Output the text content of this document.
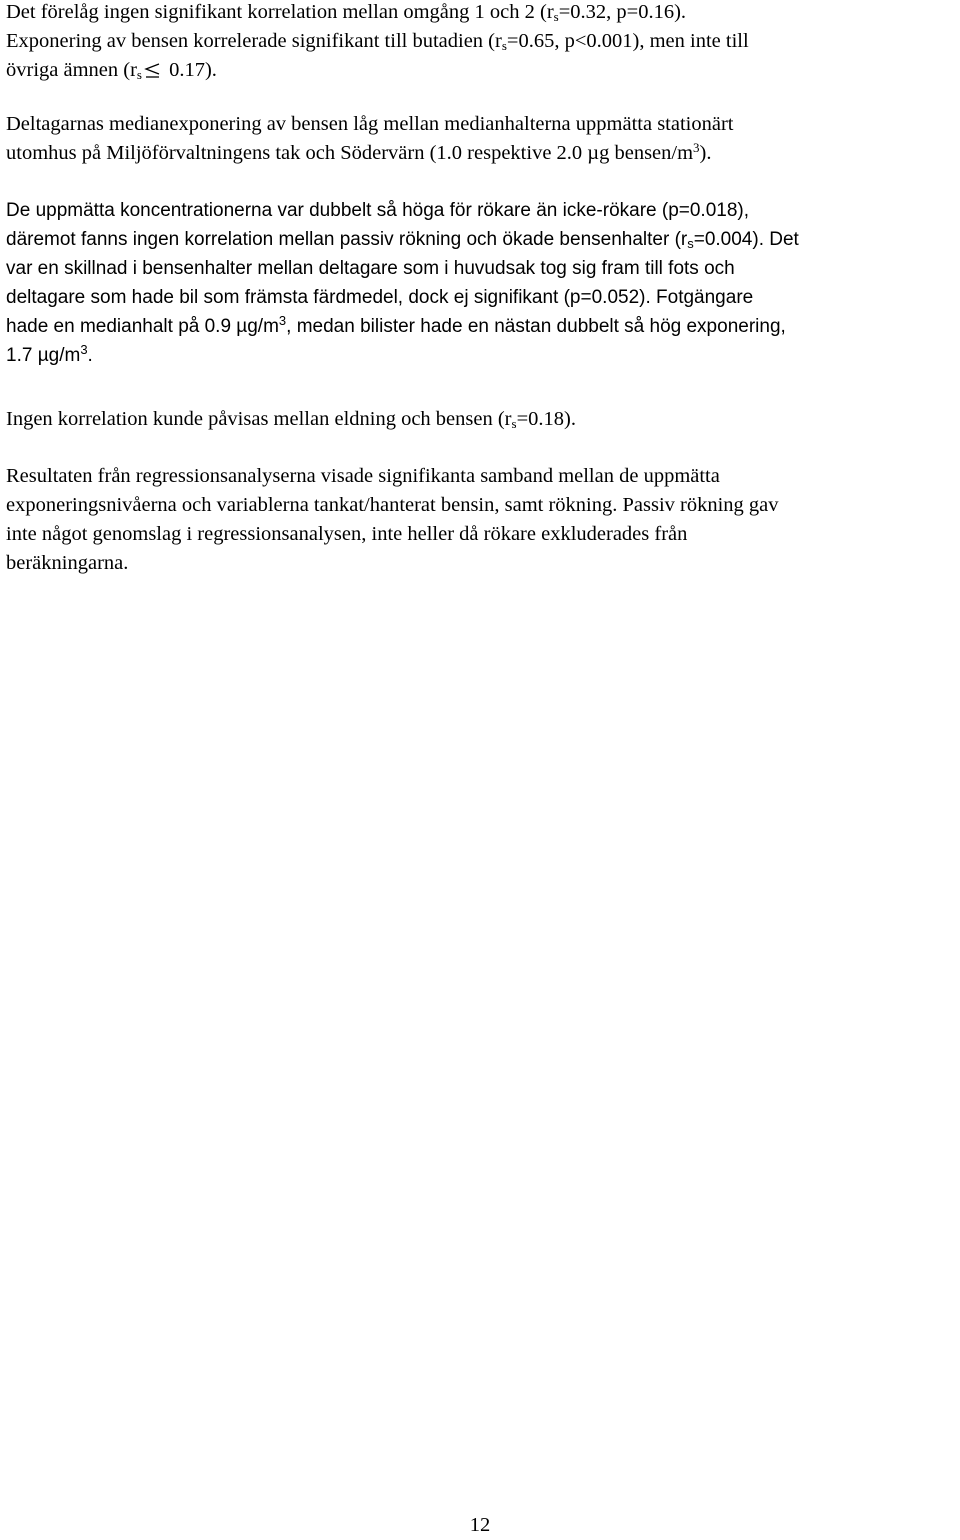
Det förelåg ingen signifikant korrelation mellan omgång 1 och 2 ($r_s=0.32$, p=0.16).
Exponering av bensen korrelerade signifikant till butadien ($r_s=0.65$, p<0.001), men inte till
övriga ämnen ($r_s$
0.17).

Deltagarnas medianexponering av bensen låg mellan medianhalterna uppmätta stationärt
utomhus på Miljöförvaltningens tak och Södervärn (1.0 respektive 2.0 µg bensen/$m^3$).

De uppmätta koncentrationerna var dubbelt så höga för rökare än icke-rökare (p=0.018),
däremot fanns ingen korrelation mellan passiv rökning och ökade bensenhalter $(r_s=0.004)$. Det
var en skillnad i bensenhalter mellan deltagare som i huvudsak tog sig fram till fots och
deltagare som hade bil som främsta färdmedel, dock ej signifikant (p=0.052). Fotgängare
hade en medianhalt på 0.9 $\mu g/m^3$, medan bilister hade en nästan dubbelt så hög exponering,
1.7 $\mu g/m^3$.

Ingen korrelation kunde påvisas mellan eldning och bensen $(r_s=0.18)$.

Resultaten från regressionsanalyserna visade signifikanta samband mellan de uppmätta
exponeringsnivåerna och variablerna tankat/hanterat bensin, samt rökning. Passiv rökning gav
inte något genomslag i regressionsanalysen, inte heller då rökare exkluderades från
beräkningarna.

12
